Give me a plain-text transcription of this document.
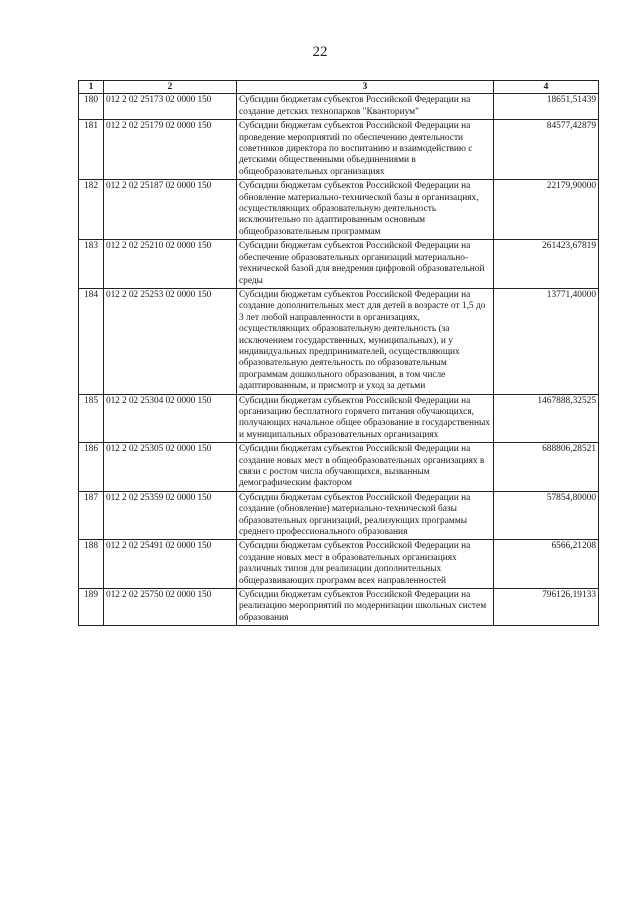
22
1	2	3	4
180	012 2 02 25173 02 0000 150	Субсидии бюджетам субъектов Российской Федерации на создание детских технопарков "Кванториум"	18651,51439
181	012 2 02 25179 02 0000 150	Субсидии бюджетам субъектов Российской Федерации на проведение мероприятий по обеспечению деятельности советников директора по воспитанию и взаимодействию с детскими общественными объединениями в общеобразовательных организациях	84577,42879
182	012 2 02 25187 02 0000 150	Субсидии бюджетам субъектов Российской Федерации на обновление материально-технической базы в организациях, осуществляющих образовательную деятельность исключительно по адаптированным основным общеобразовательным программам	22179,90000
183	012 2 02 25210 02 0000 150	Субсидии бюджетам субъектов Российской Федерации на обеспечение образовательных организаций материально-технической базой для внедрения цифровой образовательной среды	261423,67819
184	012 2 02 25253 02 0000 150	Субсидии бюджетам субъектов Российской Федерации на создание дополнительных мест для детей в возрасте от 1,5 до 3 лет любой направленности в организациях, осуществляющих образовательную деятельность (за исключением государственных, муниципальных), и у индивидуальных предпринимателей, осуществляющих образовательную деятельность по образовательным программам дошкольного образования, в том числе адаптированным, и присмотр и уход за детьми	13771,40000
185	012 2 02 25304 02 0000 150	Субсидии бюджетам субъектов Российской Федерации на организацию бесплатного горячего питания обучающихся, получающих начальное общее образование в государственных и муниципальных образовательных организациях	1467888,32525
186	012 2 02 25305 02 0000 150	Субсидии бюджетам субъектов Российской Федерации на создание новых мест в общеобразовательных организациях в связи с ростом числа обучающихся, вызванным демографическим фактором	688806,28521
187	012 2 02 25359 02 0000 150	Субсидии бюджетам субъектов Российской Федерации на создание (обновление) материально-технической базы образовательных организаций, реализующих программы среднего профессионального образования	57854,80000
188	012 2 02 25491 02 0000 150	Субсидии бюджетам субъектов Российской Федерации на создание новых мест в образовательных организациях различных типов для реализации дополнительных общеразвивающих программ всех направленностей	6566,21208
189	012 2 02 25750 02 0000 150	Субсидии бюджетам субъектов Российской Федерации на реализацию мероприятий по модернизации школьных систем образования	796126,19133
